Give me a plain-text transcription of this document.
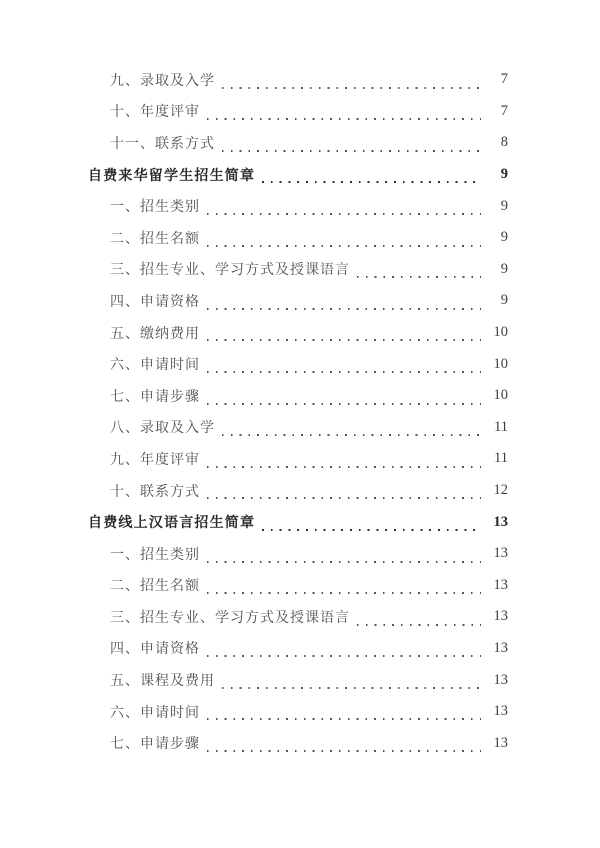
九、录取及入学	7
十、年度评审	7
十一、联系方式	8
自费来华留学生招生简章	9
一、招生类别	9
二、招生名额	9
三、招生专业、学习方式及授课语言	9
四、申请资格	9
五、缴纳费用	10
六、申请时间	10
七、申请步骤	10
八、录取及入学	11
九、年度评审	11
十、联系方式	12
自费线上汉语言招生简章	13
一、招生类别	13
二、招生名额	13
三、招生专业、学习方式及授课语言	13
四、申请资格	13
五、课程及费用	13
六、申请时间	13
七、申请步骤	13
